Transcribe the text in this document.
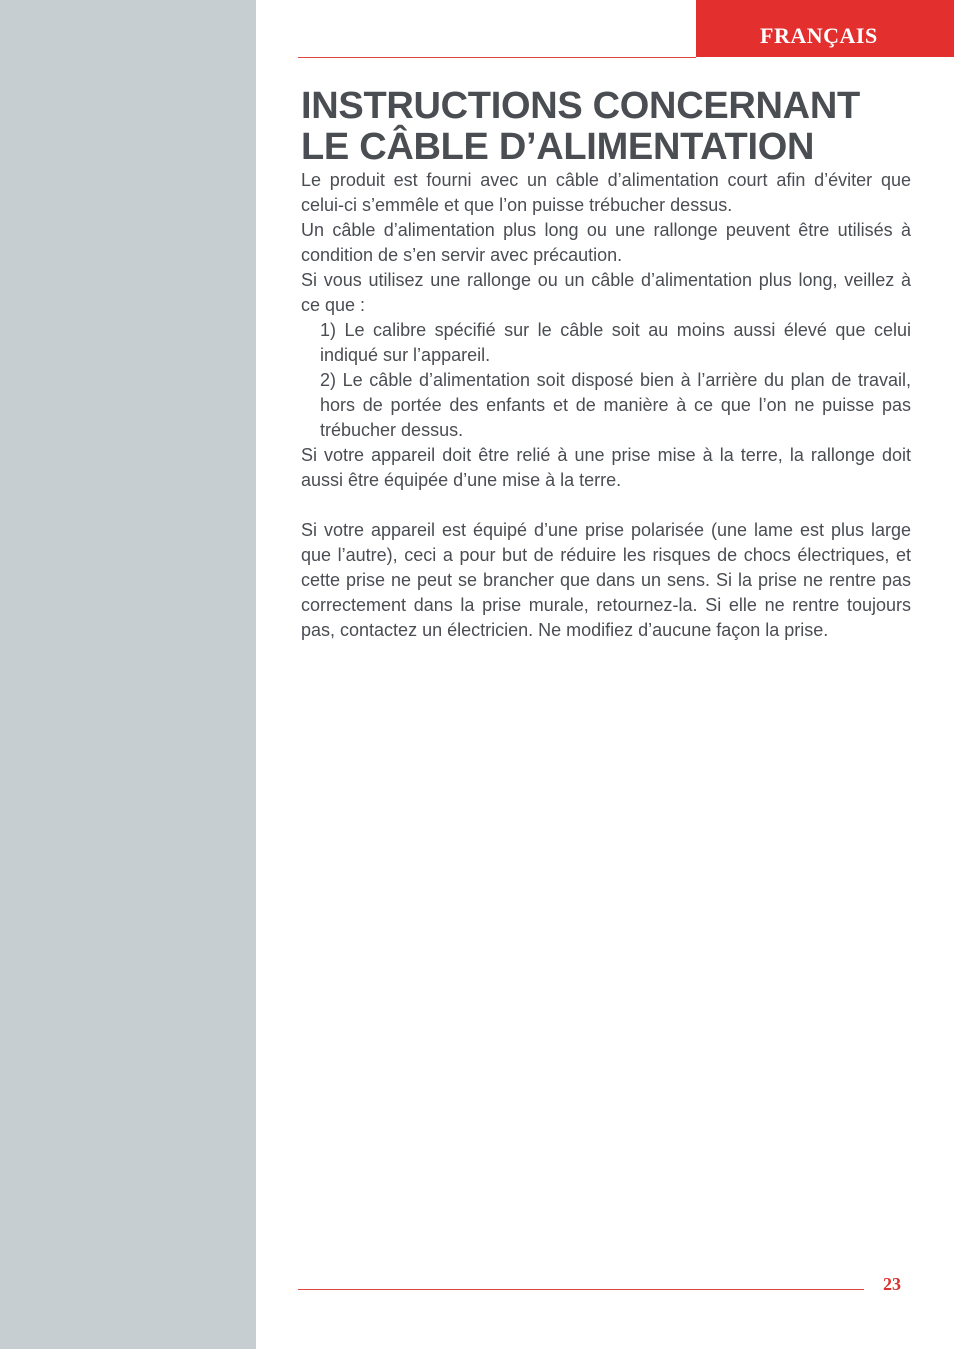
FRANÇAIS
INSTRUCTIONS CONCERNANT
LE CÂBLE D’ALIMENTATION

Le produit est fourni avec un câble d’alimentation court afin d’éviter que celui-ci s’emmêle et que l’on puisse trébucher dessus.

Un câble d’alimentation plus long ou une rallonge peuvent être utilisés à condition de s’en servir avec précaution.

Si vous utilisez une rallonge ou un câble d’alimentation plus long, veillez à ce que :

1) Le calibre spécifié sur le câble soit au moins aussi élevé que celui indiqué sur l’appareil.

2) Le câble d’alimentation soit disposé bien à l’arrière du plan de travail, hors de portée des enfants et de manière à ce que l’on ne puisse pas trébucher dessus.

Si votre appareil doit être relié à une prise mise à la terre, la rallonge doit aussi être équipée d’une mise à la terre.

Si votre appareil est équipé d’une prise polarisée (une lame est plus large que l’autre), ceci a pour but de réduire les risques de chocs électriques, et cette prise ne peut se brancher que dans un sens. Si la prise ne rentre pas correctement dans la prise murale, retournez-la. Si elle ne rentre toujours pas, contactez un électricien. Ne modifiez d’aucune façon la prise.

23
